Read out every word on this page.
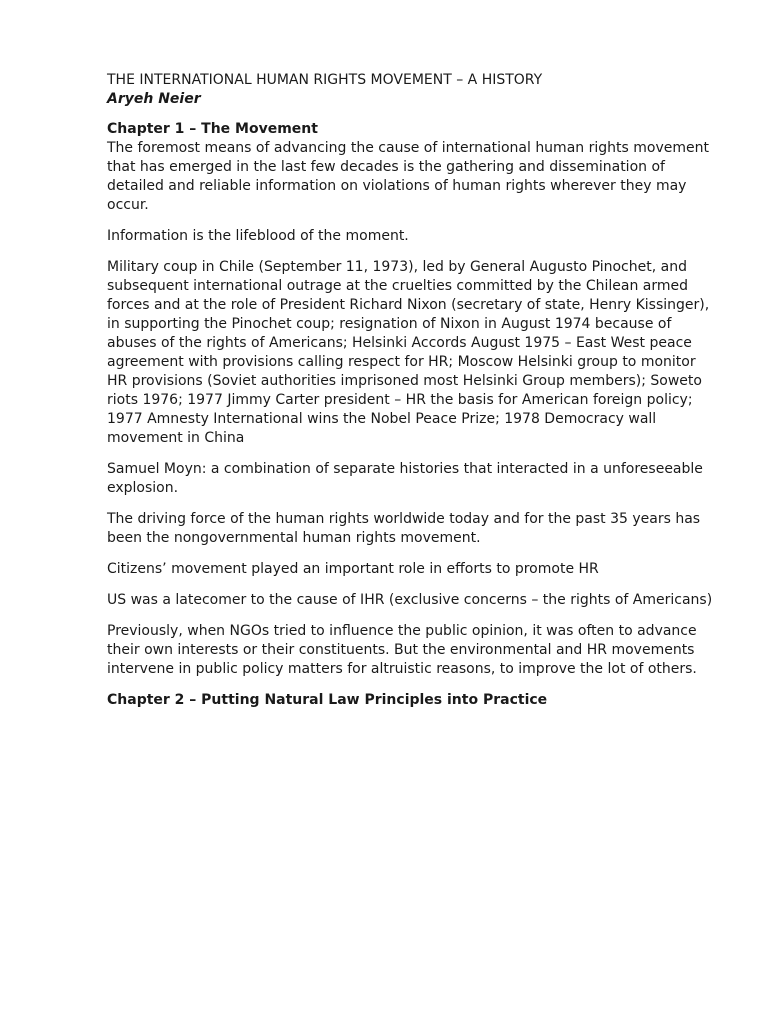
THE INTERNATIONAL HUMAN RIGHTS MOVEMENT – A HISTORY
Aryeh Neier
Chapter 1 – The Movement

The foremost means of advancing the cause of international human rights movement that has emerged in the last few decades is the gathering and dissemination of detailed and reliable information on violations of human rights wherever they may occur.

Information is the lifeblood of the moment.

Military coup in Chile (September 11, 1973), led by General Augusto Pinochet, and subsequent international outrage at the cruelties committed by the Chilean armed forces and at the role of President Richard Nixon (secretary of state, Henry Kissinger), in supporting the Pinochet coup; resignation of Nixon in August 1974 because of abuses of the rights of Americans; Helsinki Accords August 1975 – East West peace agreement with provisions calling respect for HR; Moscow Helsinki group to monitor HR provisions (Soviet authorities imprisoned most Helsinki Group members); Soweto riots 1976; 1977 Jimmy Carter president – HR the basis for American foreign policy; 1977 Amnesty International wins the Nobel Peace Prize; 1978 Democracy wall movement in China

Samuel Moyn: a combination of separate histories that interacted in a unforeseeable explosion.

The driving force of the human rights worldwide today and for the past 35 years has been the nongovernmental human rights movement.

Citizens’ movement played an important role in efforts to promote HR

US was a latecomer to the cause of IHR (exclusive concerns – the rights of Americans)

Previously, when NGOs tried to influence the public opinion, it was often to advance their own interests or their constituents. But the environmental and HR movements intervene in public policy matters for altruistic reasons, to improve the lot of others.

Chapter 2 – Putting Natural Law Principles into Practice
